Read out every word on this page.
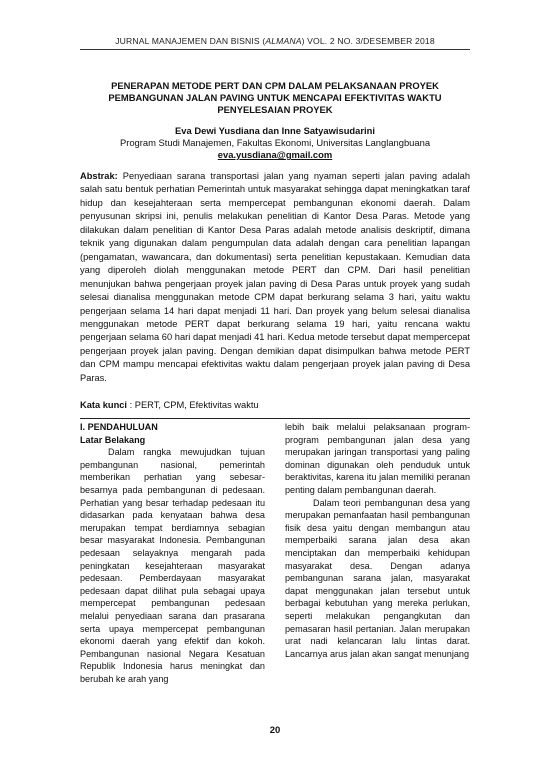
JURNAL MANAJEMEN DAN BISNIS (ALMANA) VOL. 2 NO. 3/DESEMBER 2018
PENERAPAN METODE PERT DAN CPM DALAM PELAKSANAAN PROYEK PEMBANGUNAN JALAN PAVING UNTUK MENCAPAI EFEKTIVITAS WAKTU PENYELESAIAN PROYEK
Eva Dewi Yusdiana dan Inne Satyawisudarini
Program Studi Manajemen, Fakultas Ekonomi, Universitas Langlangbuana
eva.yusdiana@gmail.com
Abstrak: Penyediaan sarana transportasi jalan yang nyaman seperti jalan paving adalah salah satu bentuk perhatian Pemerintah untuk masyarakat sehingga dapat meningkatkan taraf hidup dan kesejahteraan serta mempercepat pembangunan ekonomi daerah. Dalam penyusunan skripsi ini, penulis melakukan penelitian di Kantor Desa Paras. Metode yang dilakukan dalam penelitian di Kantor Desa Paras adalah metode analisis deskriptif, dimana teknik yang digunakan dalam pengumpulan data adalah dengan cara penelitian lapangan (pengamatan, wawancara, dan dokumentasi) serta penelitian kepustakaan. Kemudian data yang diperoleh diolah menggunakan metode PERT dan CPM. Dari hasil penelitian menunjukan bahwa pengerjaan proyek jalan paving di Desa Paras untuk proyek yang sudah selesai dianalisa menggunakan metode CPM dapat berkurang selama 3 hari, yaitu waktu pengerjaan selama 14 hari dapat menjadi 11 hari. Dan proyek yang belum selesai dianalisa menggunakan metode PERT dapat berkurang selama 19 hari, yaitu rencana waktu pengerjaan selama 60 hari dapat menjadi 41 hari. Kedua metode tersebut dapat mempercepat pengerjaan proyek jalan paving. Dengan demikian dapat disimpulkan bahwa metode PERT dan CPM mampu mencapai efektivitas waktu dalam pengerjaan proyek jalan paving di Desa Paras.
Kata kunci : PERT, CPM, Efektivitas waktu
I. PENDAHULUAN
Latar Belakang
Dalam rangka mewujudkan tujuan pembangunan nasional, pemerintah memberikan perhatian yang sebesar-besarnya pada pembangunan di pedesaan. Perhatian yang besar terhadap pedesaan itu didasarkan pada kenyataan bahwa desa merupakan tempat berdiamnya sebagian besar masyarakat Indonesia. Pembangunan pedesaan selayaknya mengarah pada peningkatan kesejahteraan masyarakat pedesaan. Pemberdayaan masyarakat pedesaan dapat dilihat pula sebagai upaya mempercepat pembangunan pedesaan melalui penyediaan sarana dan prasarana serta upaya mempercepat pembangunan ekonomi daerah yang efektif dan kokoh. Pembangunan nasional Negara Kesatuan Republik Indonesia harus meningkat dan berubah ke arah yang
lebih baik melalui pelaksanaan program-program pembangunan jalan desa yang merupakan jaringan transportasi yang paling dominan digunakan oleh penduduk untuk beraktivitas, karena itu jalan memiliki peranan penting dalam pembangunan daerah.
Dalam teori pembangunan desa yang merupakan pemanfaatan hasil pembangunan fisik desa yaitu dengan membangun atau memperbaiki sarana jalan desa akan menciptakan dan memperbaiki kehidupan masyarakat desa. Dengan adanya pembangunan sarana jalan, masyarakat dapat menggunakan jalan tersebut untuk berbagai kebutuhan yang mereka perlukan, seperti melakukan pengangkutan dan pemasaran hasil pertanian. Jalan merupakan urat nadi kelancaran lalu lintas darat. Lancarnya arus jalan akan sangat menunjang
20
